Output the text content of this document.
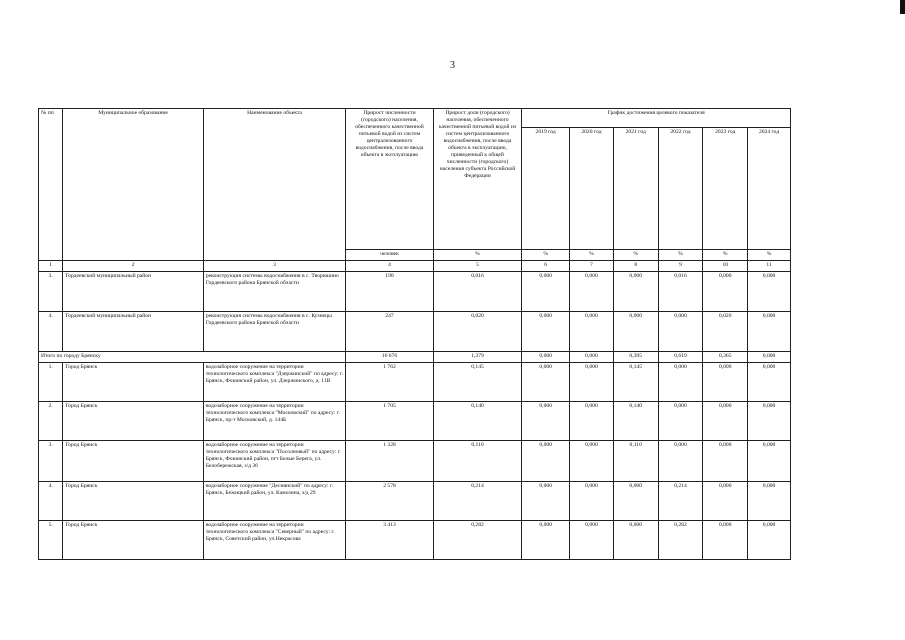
3
№ пп	Муниципальное образование	Наименование объекта	Прирост численности (городского) населения, обеспеченного качественной питьевой водой из систем централизованного водоснабжения, после ввода объекта в эксплуатацию	Прирост доли (городского) населения, обеспеченного качественной питьевой водой из систем централизованного водоснабжения, после ввода объекта в эксплуатацию, приведенный к общей численности (городского) населения субъекта Российской Федерации	График достижения целевого показателя					
					2019 год	2020 год	2021 год	2022 год	2023 год	2024 год
			человек	%	%	%	%	%	%	%
1	2	3	4	5	6	7	8	9	10	11
3.	Гордеевский муниципальный район	реконструкция системы водоснабжения в с. Творишино Гордеевского района Брянской области	190	0,016	0,000	0,000	0,000	0,016	0,000	0,000
4.	Гордеевский муниципальный район	реконструкция системы водоснабжения в с. Кузнецы Гордеевского района Брянской области	247	0,020	0,000	0,000	0,000	0,000	0,020	0,000
Итого по городу Брянску			16 676	1,379	0,000	0,000	0,395	0,619	0,365	0,000
1.	Город Брянск	водозаборное сооружение на территории технологического комплекса "Дзержинский" по адресу: г. Брянск, Фокинский район, ул. Дзержинского, д. 11В	1 762	0,145	0,000	0,000	0,145	0,000	0,000	0,000
2.	Город Брянск	водозаборное сооружение на территории технологического комплекса "Московский" по адресу: г. Брянск, пр-т Московский, д. 144Б	1 705	0,140	0,000	0,000	0,140	0,000	0,000	0,000
3.	Город Брянск	водозаборное сооружение на территории технологического комплекса "Посолновый" по адресу: г. Брянск, Фокинский район, пгт Белые Берега, ул. Белобережская, з/д 36	1 328	0,110	0,000	0,000	0,110	0,000	0,000	0,000
4.	Город Брянск	водозаборное сооружение "Деснянский" по адресу: г. Брянск, Бежицкий район, ул. Камозина, з/д 29	2 578	0,214	0,000	0,000	0,000	0,214	0,000	0,000
5.	Город Брянск	водозаборное сооружение на территории технологического комплекса "Северный" по адресу: г. Брянск, Советский район, ул.Некрасова	3 413	0,282	0,000	0,000	0,000	0,282	0,000	0,000
